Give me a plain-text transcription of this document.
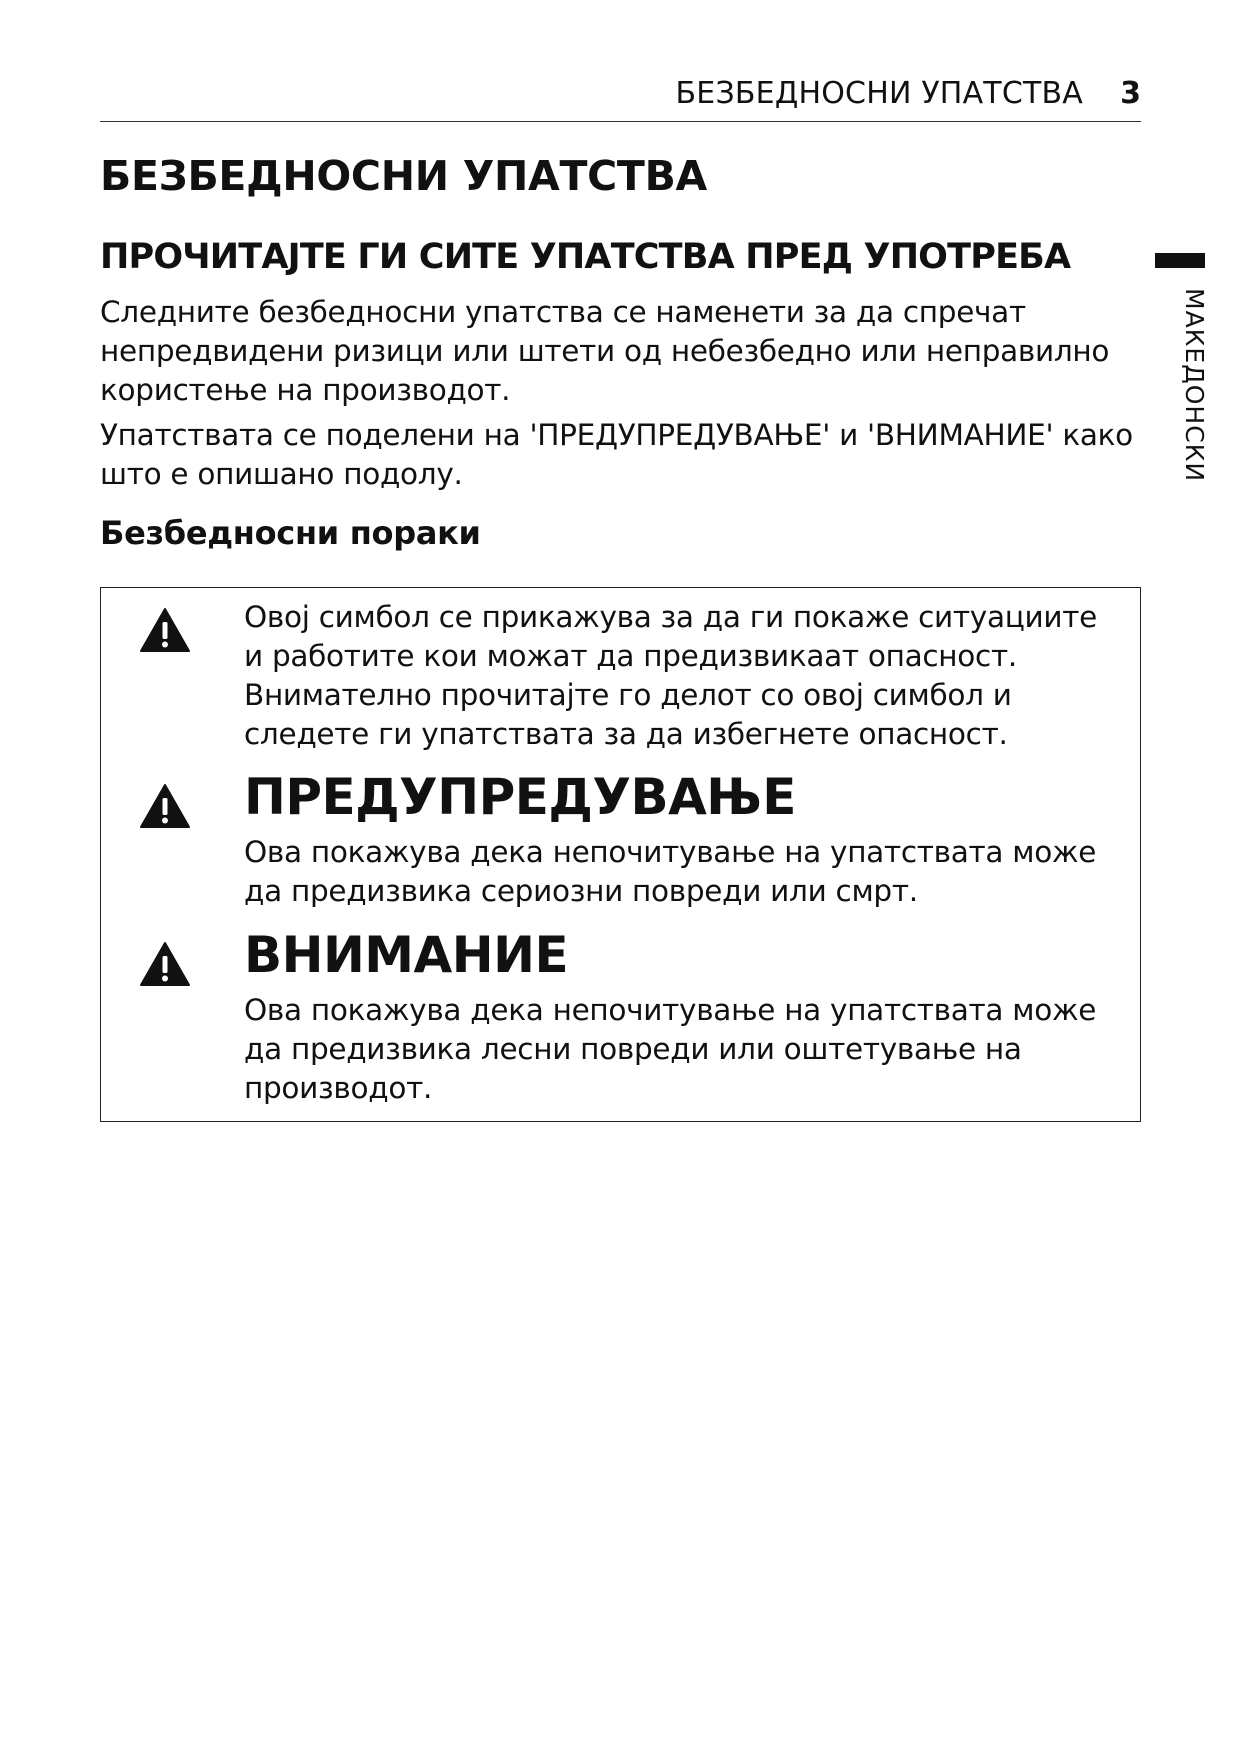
БЕЗБЕДНОСНИ УПАТСТВА 3
МАКЕДОНСКИ
БЕЗБЕДНОСНИ УПАТСТВА
ПРОЧИТАЈТЕ ГИ СИТЕ УПАТСТВА ПРЕД УПОТРЕБА

Следните безбедносни упатства се наменети за да спречат непредвидени ризици или штети од небезбедно или неправилно користење на производот.

Упатствата се поделени на 'ПРЕДУПРЕДУВАЊЕ' и 'ВНИМАНИЕ' како што е опишано подолу.

Безбедносни пораки

Овој симбол се прикажува за да ги покаже ситуациите и работите кои можат да предизвикаат опасност. Внимателно прочитајте го делот со овој симбол и следете ги упатствата за да избегнете опасност.

ПРЕДУПРЕДУВАЊЕ

Ова покажува дека непочитување на упатствата може да предизвика сериозни повреди или смрт.

ВНИМАНИЕ

Ова покажува дека непочитување на упатствата може да предизвика лесни повреди или оштетување на производот.
